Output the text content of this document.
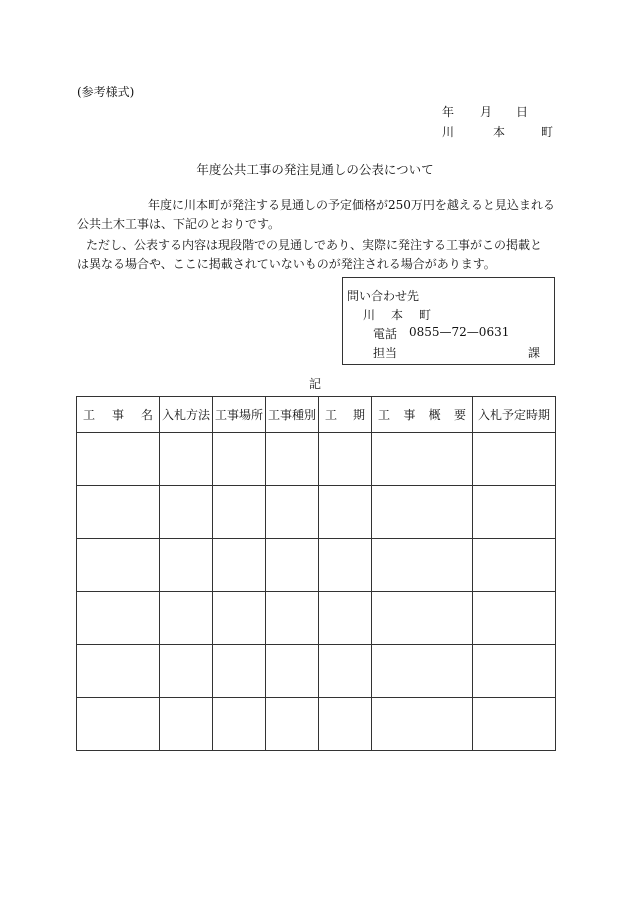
(参考様式)
年 月 日
川	本	町
年度公共工事の発注見通しの公表について
年度に川本町が発注する見通しの予定価格が250万円を越えると見込まれる
公共土木工事は、下記のとおりです。
ただし、公表する内容は現段階での見通しであり、実際に発注する工事がこの掲載と
は異なる場合や、ここに掲載されていないものが発注される場合があります。
問い合わせ先
川 本 町
電話 0855—72—0631
担当	課
記
工 事 名	入札方法	工事場所	工事種別	工 期	工 事 概 要	入札予定時期
